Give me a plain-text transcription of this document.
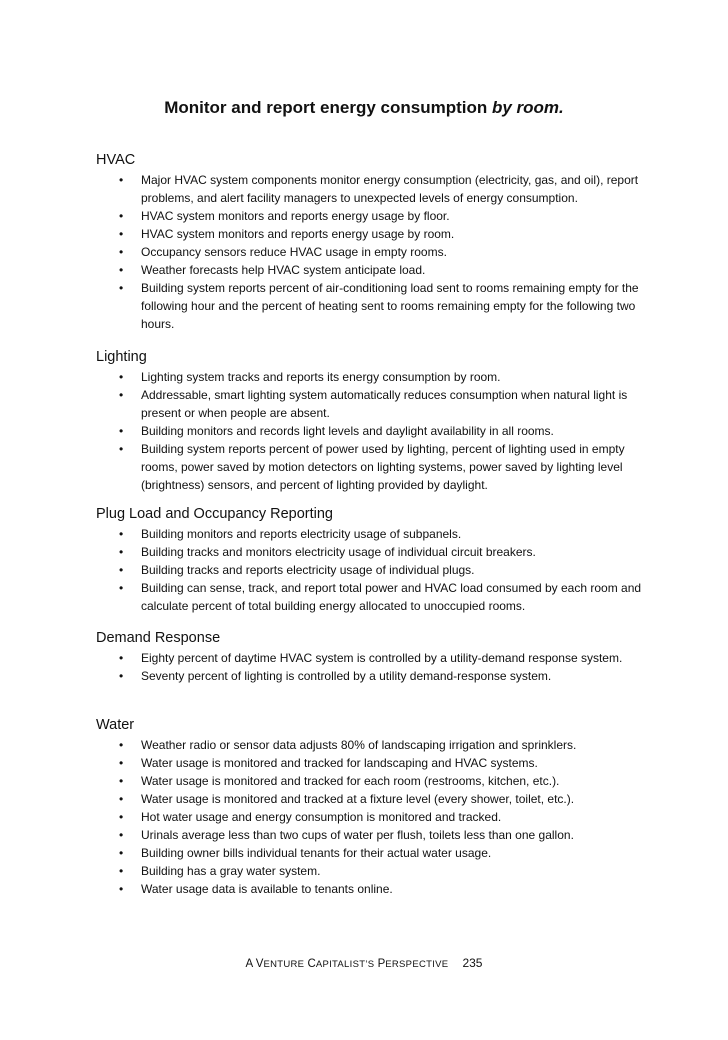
Monitor and report energy consumption by room.
HVAC
• Major HVAC system components monitor energy consumption (electricity, gas, and oil), report problems, and alert facility managers to unexpected levels of energy consumption.
• HVAC system monitors and reports energy usage by floor.
• HVAC system monitors and reports energy usage by room.
• Occupancy sensors reduce HVAC usage in empty rooms.
• Weather forecasts help HVAC system anticipate load.
• Building system reports percent of air-conditioning load sent to rooms remaining empty for the following hour and the percent of heating sent to rooms remaining empty for the following two hours.
Lighting
• Lighting system tracks and reports its energy consumption by room.
• Addressable, smart lighting system automatically reduces consumption when natural light is present or when people are absent.
• Building monitors and records light levels and daylight availability in all rooms.
• Building system reports percent of power used by lighting, percent of lighting used in empty rooms, power saved by motion detectors on lighting systems, power saved by lighting level (brightness) sensors, and percent of lighting provided by daylight.
Plug Load and Occupancy Reporting
• Building monitors and reports electricity usage of subpanels.
• Building tracks and monitors electricity usage of individual circuit breakers.
• Building tracks and reports electricity usage of individual plugs.
• Building can sense, track, and report total power and HVAC load consumed by each room and calculate percent of total building energy allocated to unoccupied rooms.
Demand Response
• Eighty percent of daytime HVAC system is controlled by a utility-demand response system.
• Seventy percent of lighting is controlled by a utility demand-response system.
Water
• Weather radio or sensor data adjusts 80% of landscaping irrigation and sprinklers.
• Water usage is monitored and tracked for landscaping and HVAC systems.
• Water usage is monitored and tracked for each room (restrooms, kitchen, etc.).
• Water usage is monitored and tracked at a fixture level (every shower, toilet, etc.).
• Hot water usage and energy consumption is monitored and tracked.
• Urinals average less than two cups of water per flush, toilets less than one gallon.
• Building owner bills individual tenants for their actual water usage.
• Building has a gray water system.
• Water usage data is available to tenants online.
A VENTURE CAPITALIST’S PERSPECTIVE 235
